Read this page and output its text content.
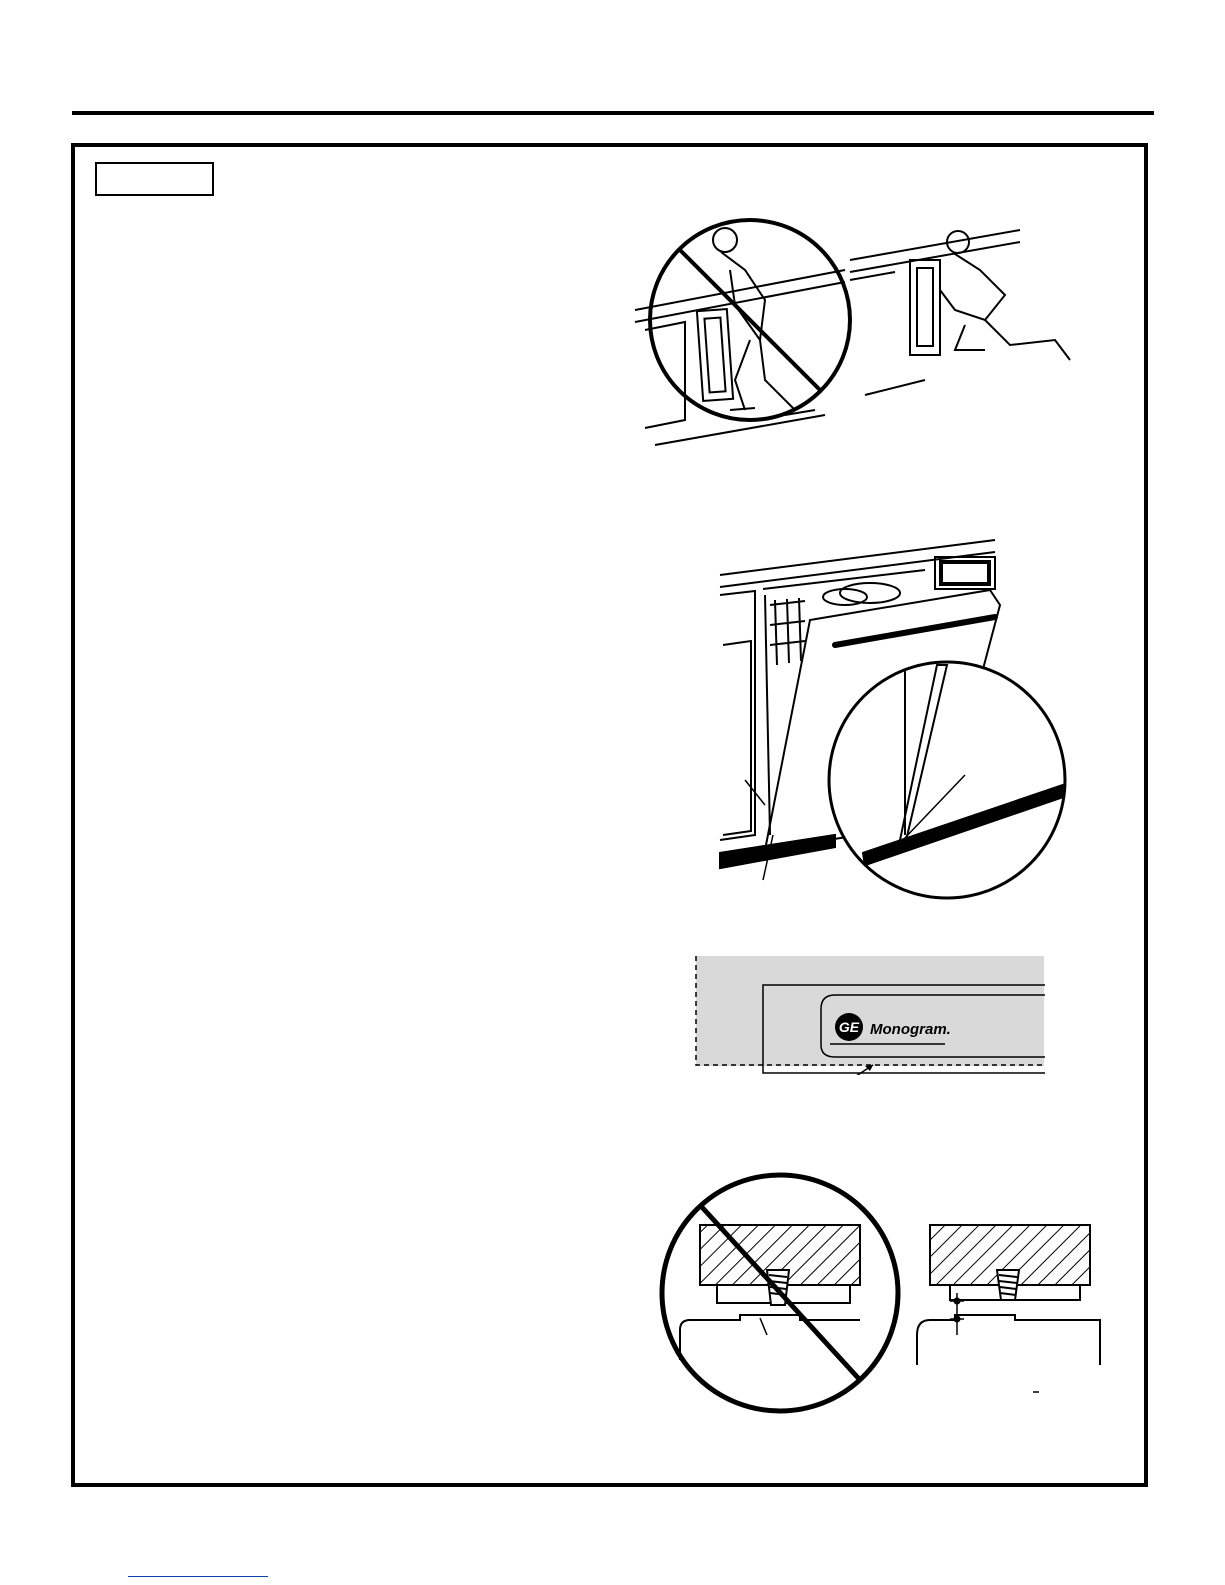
GE Monogram.
